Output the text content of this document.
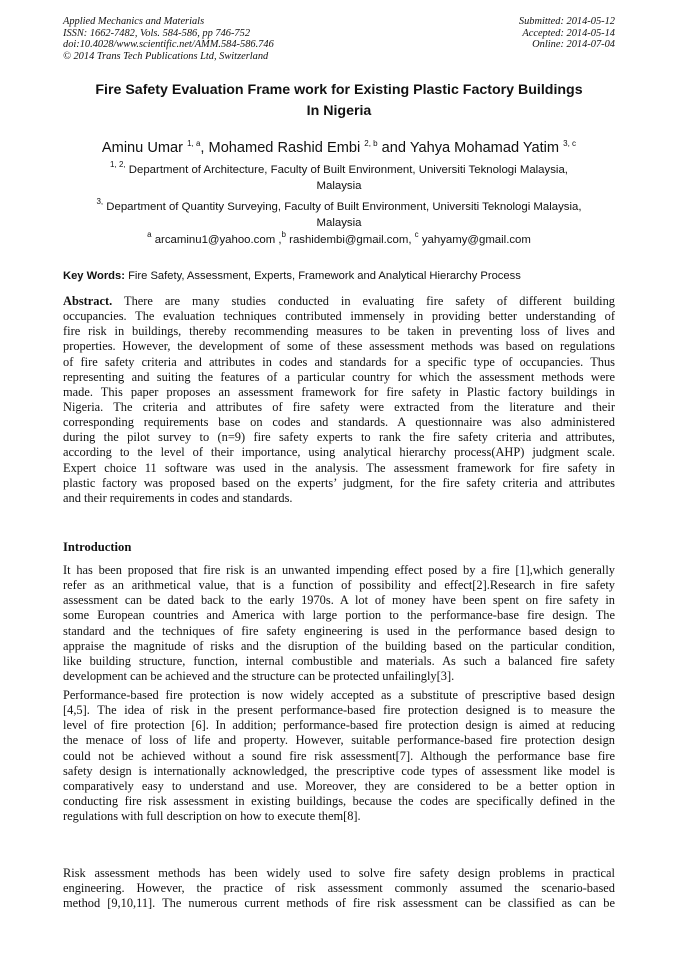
Applied Mechanics and Materials
ISSN: 1662-7482, Vols. 584-586, pp 746-752
doi:10.4028/www.scientific.net/AMM.584-586.746
© 2014 Trans Tech Publications Ltd, Switzerland
Submitted: 2014-05-12
Accepted: 2014-05-14
Online: 2014-07-04
Fire Safety Evaluation Frame work for Existing Plastic Factory Buildings
In Nigeria
Aminu Umar $^{1, a}$, Mohamed Rashid Embi $^{2, b}$ and Yahya Mohamad Yatim $^{3, c}$
$^{1, 2,}$ Department of Architecture, Faculty of Built Environment, Universiti Teknologi Malaysia,
Malaysia
$^{3,}$ Department of Quantity Surveying, Faculty of Built Environment, Universiti Teknologi Malaysia,
Malaysia
$^a$ arcaminu1@yahoo.com ,$^b$ rashidembi@gmail.com, $^c$ yahyamy@gmail.com
Key Words: Fire Safety, Assessment, Experts, Framework and Analytical Hierarchy Process
Abstract. There are many studies conducted in evaluating fire safety of different building
occupancies. The evaluation techniques contributed immensely in providing better understanding of
fire risk in buildings, thereby recommending measures to be taken in preventing loss of lives and
properties. However, the development of some of these assessment methods was based on regulations
of fire safety criteria and attributes in codes and standards for a specific type of occupancies. Thus
representing and suiting the features of a particular country for which the assessment methods were
made. This paper proposes an assessment framework for fire safety in Plastic factory buildings in
Nigeria. The criteria and attributes of fire safety were extracted from the literature and their
corresponding requirements base on codes and standards. A questionnaire was also administered
during the pilot survey to (n=9) fire safety experts to rank the fire safety criteria and attributes,
according to the level of their importance, using analytical hierarchy process(AHP) judgment scale.
Expert choice 11 software was used in the analysis. The assessment framework for fire safety in
plastic factory was proposed based on the experts’ judgment, for the fire safety criteria and attributes
and their requirements in codes and standards.
Introduction
It has been proposed that fire risk is an unwanted impending effect posed by a fire [1],which generally
refer as an arithmetical value, that is a function of possibility and effect[2].Research in fire safety
assessment can be dated back to the early 1970s. A lot of money have been spent on fire safety in
some European countries and America with large portion to the performance-base fire design. The
standard and the techniques of fire safety engineering is used in the performance based design to
appraise the magnitude of risks and the disruption of the building based on the particular condition,
like building structure, function, internal combustible and materials. As such a balanced fire safety
development can be achieved and the structure can be protected unfailingly[3].
Performance-based fire protection is now widely accepted as a substitute of prescriptive based design
[4,5]. The idea of risk in the present performance-based fire protection designed is to measure the
level of fire protection [6]. In addition; performance-based fire protection design is aimed at reducing
the menace of loss of life and property. However, suitable performance-based fire protection design
could not be achieved without a sound fire risk assessment[7]. Although the performance base fire
safety design is internationally acknowledged, the prescriptive code types of assessment like model is
comparatively easy to understand and use. Moreover, they are considered to be a better option in
conducting fire risk assessment in existing buildings, because the codes are specifically defined in the
regulations with full description on how to execute them[8].
Risk assessment methods has been widely used to solve fire safety design problems in practical
engineering. However, the practice of risk assessment commonly assumed the scenario-based
method [9,10,11]. The numerous current methods of fire risk assessment can be classified as can be
